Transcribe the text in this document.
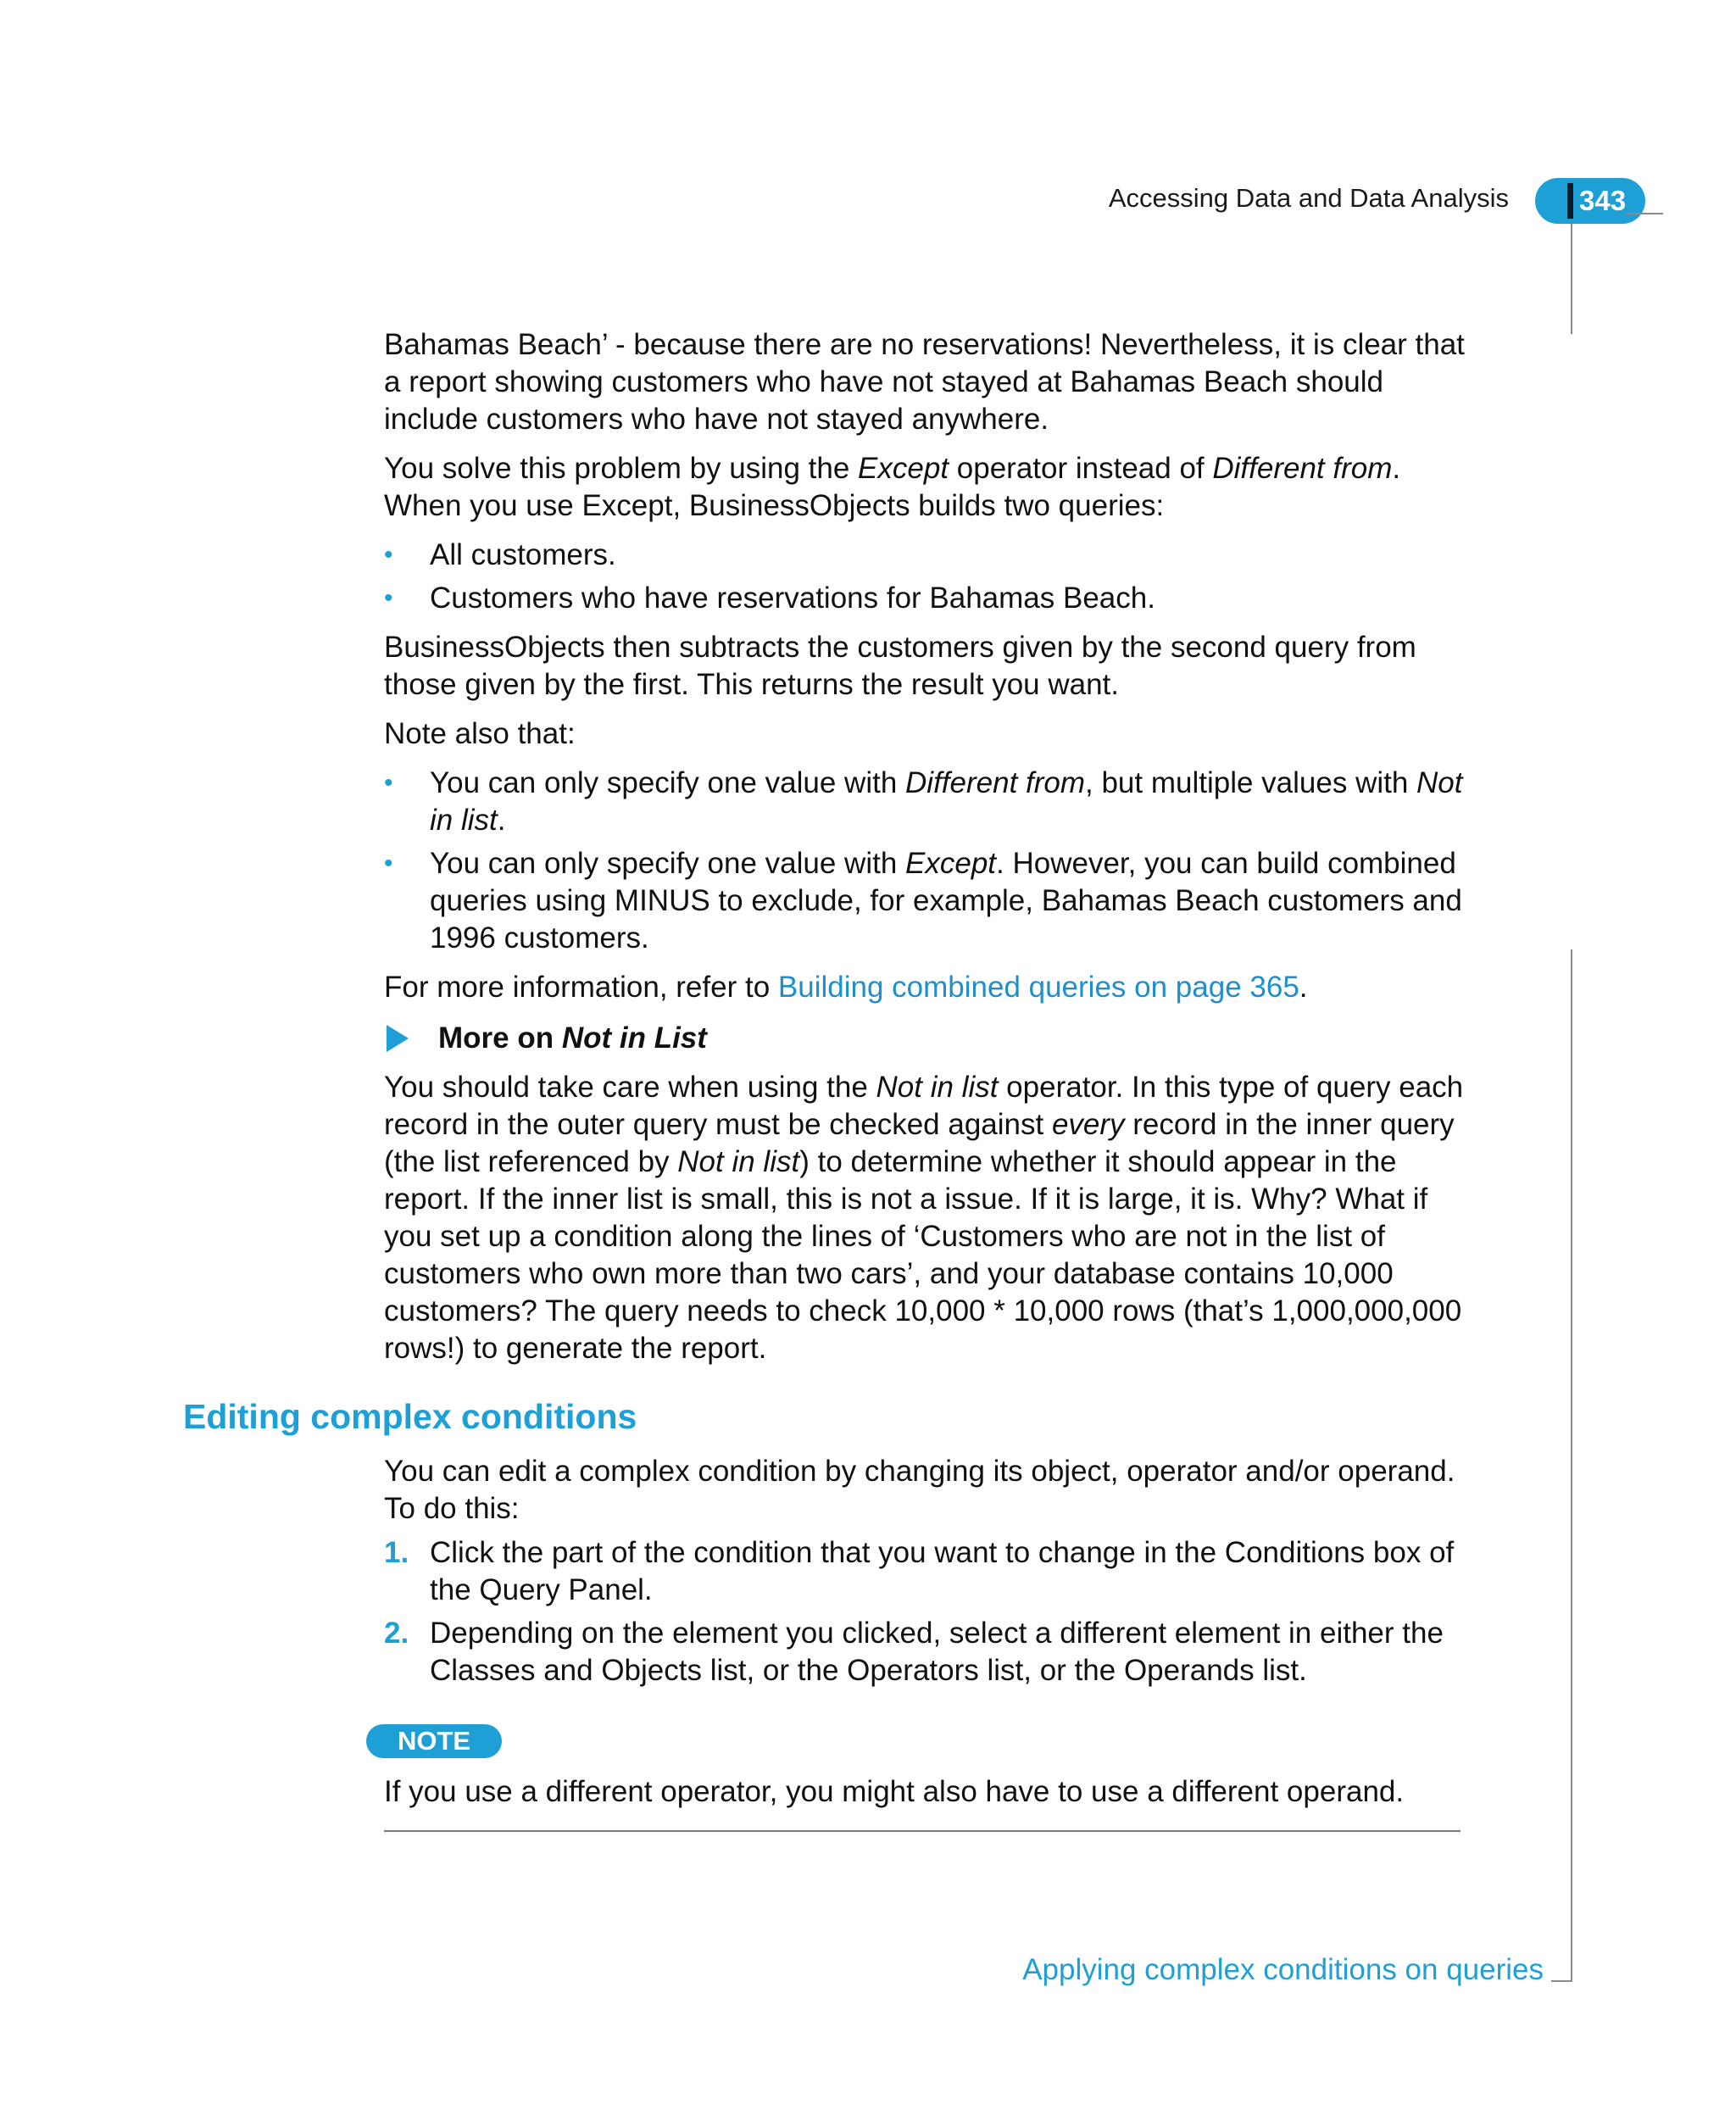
Accessing Data and Data Analysis	343

Bahamas Beach’ - because there are no reservations! Nevertheless, it is clear that a report showing customers who have not stayed at Bahamas Beach should include customers who have not stayed anywhere.

You solve this problem by using the Except operator instead of Different from. When you use Except, BusinessObjects builds two queries:

• All customers.
• Customers who have reservations for Bahamas Beach.

BusinessObjects then subtracts the customers given by the second query from those given by the first. This returns the result you want.

Note also that:

• You can only specify one value with Different from, but multiple values with Not in list.
• You can only specify one value with Except. However, you can build combined queries using MINUS to exclude, for example, Bahamas Beach customers and 1996 customers.

For more information, refer to Building combined queries on page 365.

More on Not in List

You should take care when using the Not in list operator. In this type of query each record in the outer query must be checked against every record in the inner query (the list referenced by Not in list) to determine whether it should appear in the report. If the inner list is small, this is not a issue. If it is large, it is. Why? What if you set up a condition along the lines of ‘Customers who are not in the list of customers who own more than two cars’, and your database contains 10,000 customers? The query needs to check 10,000 * 10,000 rows (that’s 1,000,000,000 rows!) to generate the report.

Editing complex conditions

You can edit a complex condition by changing its object, operator and/or operand. To do this:

1. Click the part of the condition that you want to change in the Conditions box of the Query Panel.
2. Depending on the element you clicked, select a different element in either the Classes and Objects list, or the Operators list, or the Operands list.
NOTE
If you use a different operator, you might also have to use a different operand.
Applying complex conditions on queries
